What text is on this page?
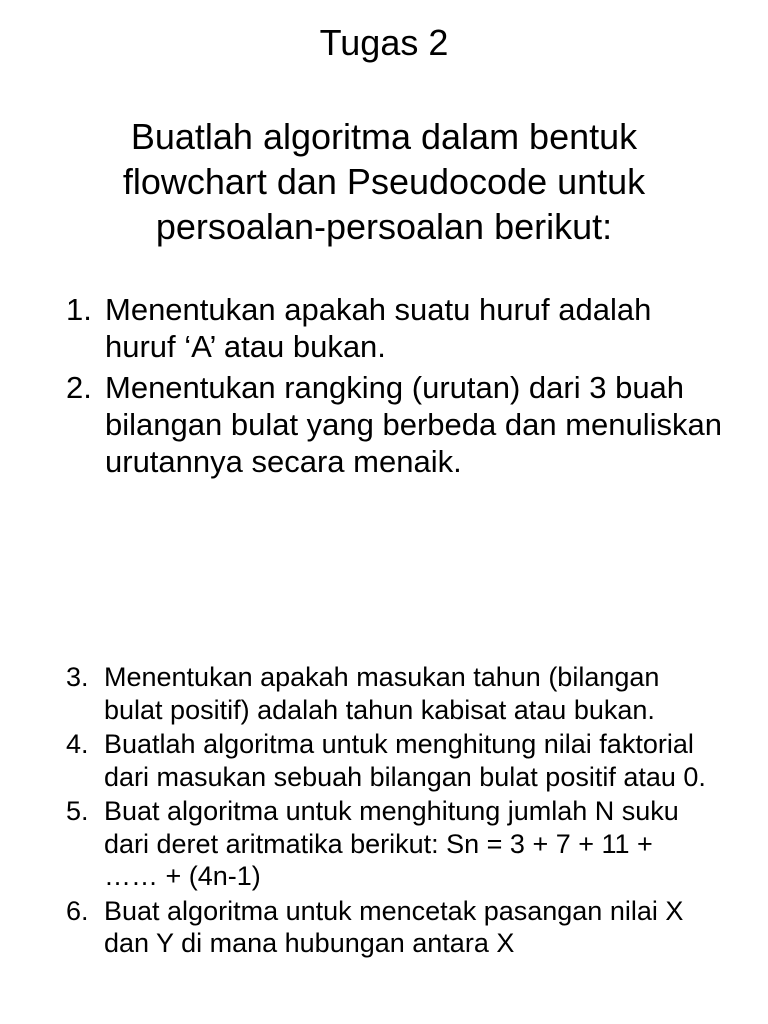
Tugas 2
Buatlah algoritma dalam bentuk flowchart dan Pseudocode untuk persoalan-persoalan berikut:
1. Menentukan apakah suatu huruf adalah huruf ‘A’ atau bukan.
2. Menentukan rangking (urutan) dari 3 buah bilangan bulat yang berbeda dan menuliskan urutannya secara menaik.
3. Menentukan apakah masukan tahun (bilangan bulat positif) adalah tahun kabisat atau bukan.
4. Buatlah algoritma untuk menghitung nilai faktorial dari masukan sebuah bilangan bulat positif atau 0.
5. Buat algoritma untuk menghitung jumlah N suku dari deret aritmatika berikut: Sn = 3 + 7 + 11 + …… + (4n-1)
6. Buat algoritma untuk mencetak pasangan nilai X dan Y di mana hubungan antara X
